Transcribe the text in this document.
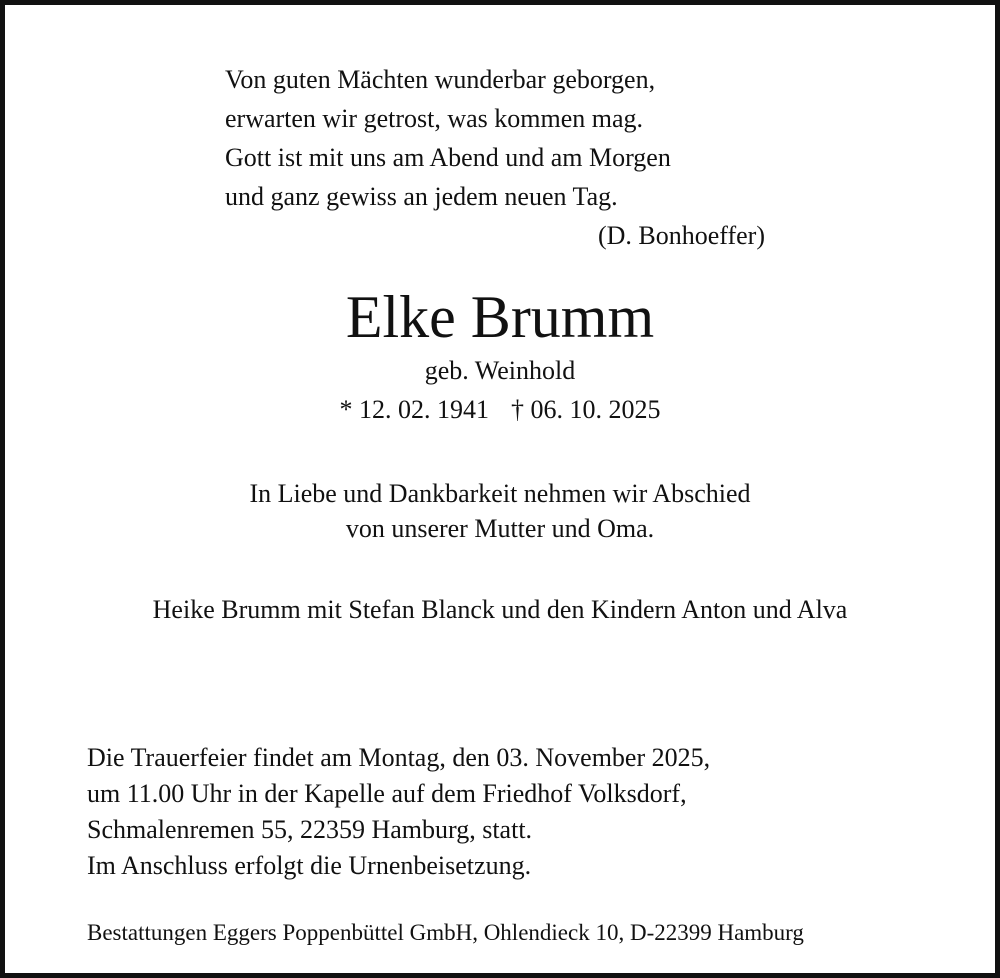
Von guten Mächten wunderbar geborgen,
erwarten wir getrost, was kommen mag.
Gott ist mit uns am Abend und am Morgen
und ganz gewiss an jedem neuen Tag.
(D. Bonhoeffer)
Elke Brumm
geb. Weinhold
* 12. 02. 1941 † 06. 10. 2025
In Liebe und Dankbarkeit nehmen wir Abschied
von unserer Mutter und Oma.
Heike Brumm mit Stefan Blanck und den Kindern Anton und Alva
Die Trauerfeier findet am Montag, den 03. November 2025,
um 11.00 Uhr in der Kapelle auf dem Friedhof Volksdorf,
Schmalenremen 55, 22359 Hamburg, statt.
Im Anschluss erfolgt die Urnenbeisetzung.
Bestattungen Eggers Poppenbüttel GmbH, Ohlendieck 10, D-22399 Hamburg
